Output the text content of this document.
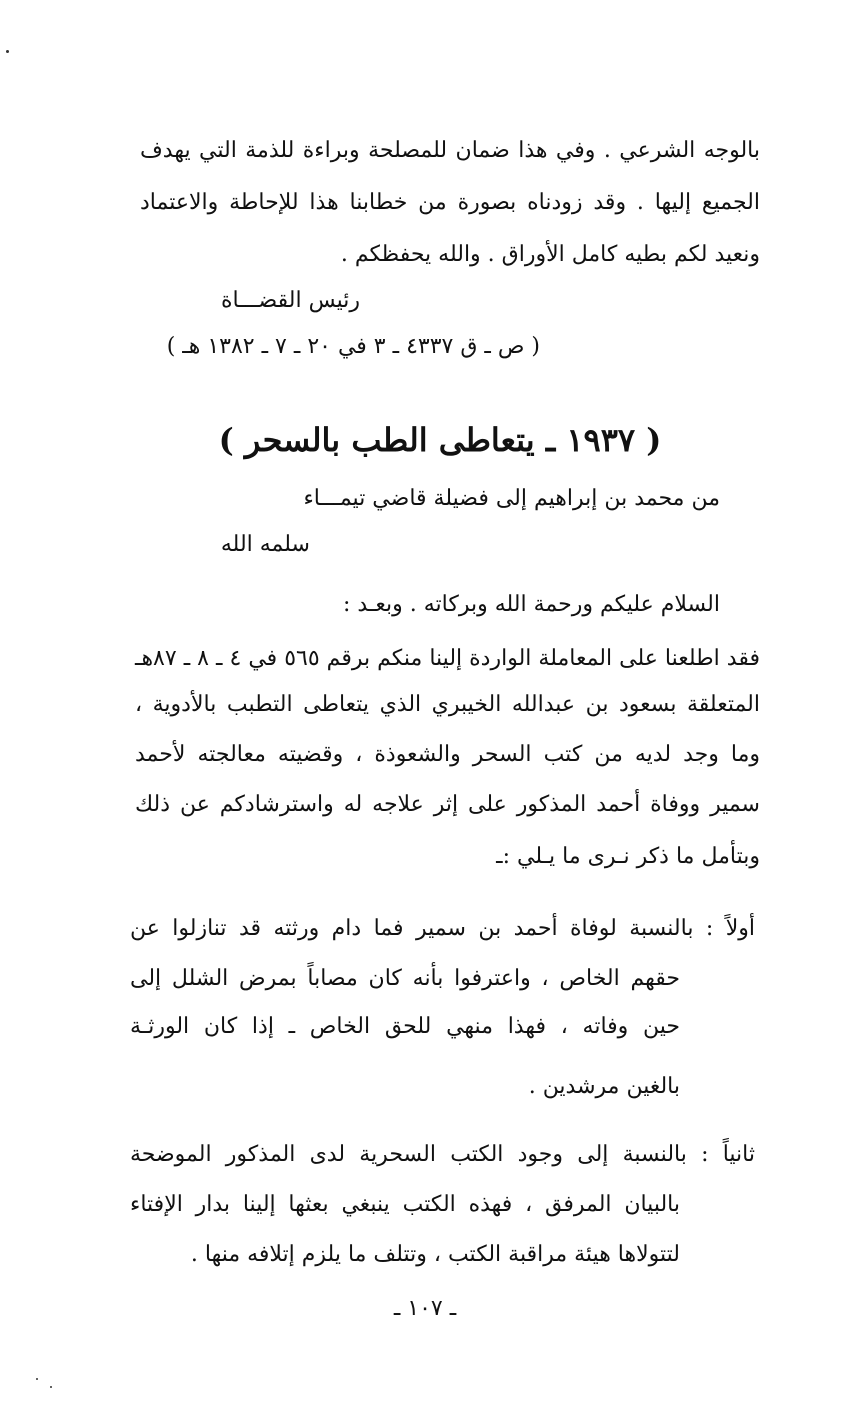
بالوجه الشرعي . وفي هذا ضمان للمصلحة وبراءة للذمة التي يهدف
الجميع إليها . وقد زودناه بصورة من خطابنا هذا للإحاطة والاعتماد
ونعيد لكم بطيه كامل الأوراق . والله يحفظكم .
رئيس القضـــاة
( ص ـ ق ٤٣٣٧ ـ ٣ في ٢٠ ـ ٧ ـ ١٣٨٢ هـ )
( ١٩٣٧ ـ يتعاطى الطب بالسحر )
من محمد بن إبراهيم إلى فضيلة قاضي تيمـــاء
سلمه الله
السلام عليكم ورحمة الله وبركاته . وبعـد :
فقد اطلعنا على المعاملة الواردة إلينا منكم برقم ٥٦٥ في ٤ ـ ٨ ـ ٨٧هـ
المتعلقة بسعود بن عبدالله الخيبري الذي يتعاطى التطبب بالأدوية ،
وما وجد لديه من كتب السحر والشعوذة ، وقضيته معالجته لأحمد
سمير ووفاة أحمد المذكور على إثر علاجه له واسترشادكم عن ذلك
وبتأمل ما ذكر نـرى ما يـلي :ـ
أولاً : بالنسبة لوفاة أحمد بن سمير فما دام ورثته قد تنازلوا عن
حقهم الخاص ، واعترفوا بأنه كان مصاباً بمرض الشلل إلى
حين وفاته ، فهذا منهي للحق الخاص ـ إذا كان الورثـة
بالغين مرشدين .
ثانياً : بالنسبة إلى وجود الكتب السحرية لدى المذكور الموضحة
بالبيان المرفق ، فهذه الكتب ينبغي بعثها إلينا بدار الإفتاء
لتتولاها هيئة مراقبة الكتب ، وتتلف ما يلزم إتلافه منها .
ـ ١٠٧ ـ
